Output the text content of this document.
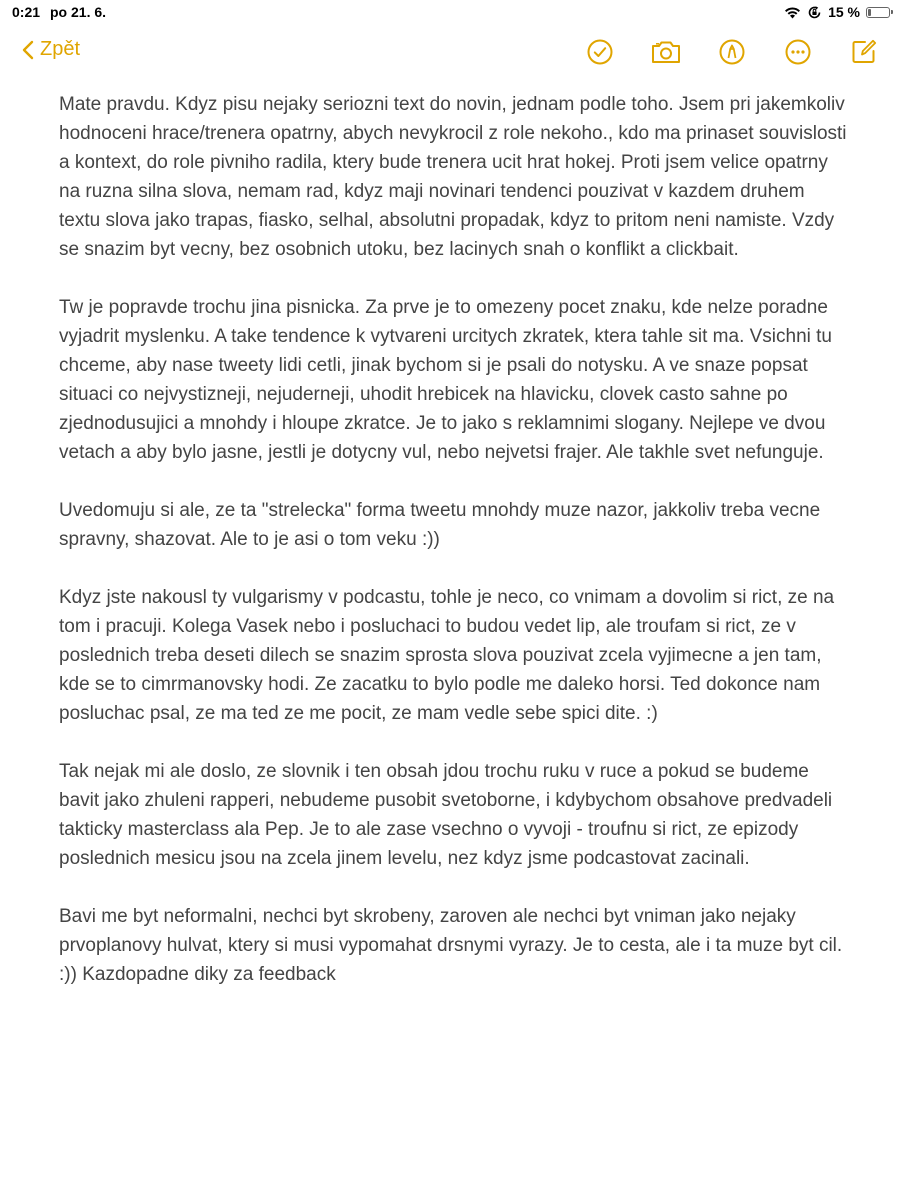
0:21 po 21. 6.	15 %
Zpět

Mate pravdu. Kdyz pisu nejaky seriozni text do novin, jednam podle toho. Jsem pri jakemkoliv hodnoceni hrace/trenera opatrny, abych nevykrocil z role nekoho., kdo ma prinaset souvislosti a kontext, do role pivniho radila, ktery bude trenera ucit hrat hokej. Proti jsem velice opatrny na ruzna silna slova, nemam rad, kdyz maji novinari tendenci pouzivat v kazdem druhem textu slova jako trapas, fiasko, selhal, absolutni propadak, kdyz to pritom neni namiste. Vzdy se snazim byt vecny, bez osobnich utoku, bez lacinych snah o konflikt a clickbait.

Tw je popravde trochu jina pisnicka. Za prve je to omezeny pocet znaku, kde nelze poradne vyjadrit myslenku. A take tendence k vytvareni urcitych zkratek, ktera tahle sit ma. Vsichni tu chceme, aby nase tweety lidi cetli, jinak bychom si je psali do notysku. A ve snaze popsat situaci co nejvystizneji, nejuderneji, uhodit hrebicek na hlavicku, clovek casto sahne po zjednodusujici a mnohdy i hloupe zkratce. Je to jako s reklamnimi slogany. Nejlepe ve dvou vetach a aby bylo jasne, jestli je dotycny vul, nebo nejvetsi frajer. Ale takhle svet nefunguje.

Uvedomuju si ale, ze ta "strelecka" forma tweetu mnohdy muze nazor, jakkoliv treba vecne spravny, shazovat. Ale to je asi o tom veku :))

Kdyz jste nakousl ty vulgarismy v podcastu, tohle je neco, co vnimam a dovolim si rict, ze na tom i pracuji. Kolega Vasek nebo i posluchaci to budou vedet lip, ale troufam si rict, ze v poslednich treba deseti dilech se snazim sprosta slova pouzivat zcela vyjimecne a jen tam, kde se to cimrmanovsky hodi. Ze zacatku to bylo podle me daleko horsi. Ted dokonce nam posluchac psal, ze ma ted ze me pocit, ze mam vedle sebe spici dite. :)

Tak nejak mi ale doslo, ze slovnik i ten obsah jdou trochu ruku v ruce a pokud se budeme bavit jako zhuleni rapperi, nebudeme pusobit svetoborne, i kdybychom obsahove predvadeli takticky masterclass ala Pep. Je to ale zase vsechno o vyvoji - troufnu si rict, ze epizody poslednich mesicu jsou na zcela jinem levelu, nez kdyz jsme podcastovat zacinali.

Bavi me byt neformalni, nechci byt skrobeny, zaroven ale nechci byt vniman jako nejaky prvoplanovy hulvat, ktery si musi vypomahat drsnymi vyrazy. Je to cesta, ale i ta muze byt cil. :)) Kazdopadne diky za feedback
